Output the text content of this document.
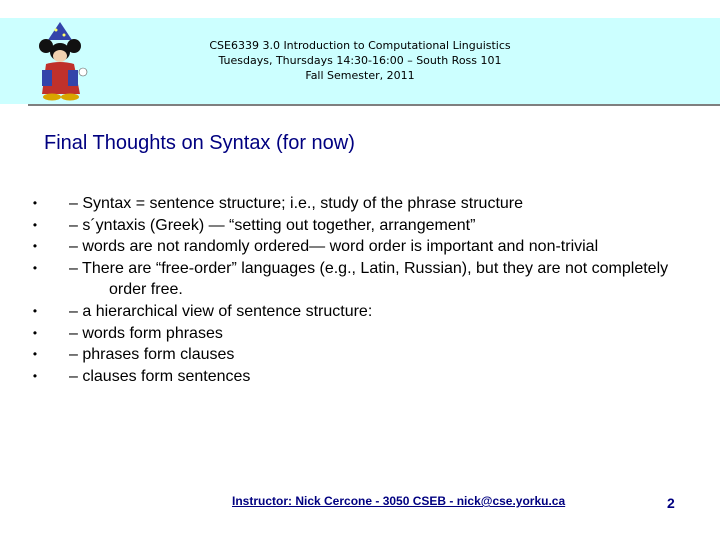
CSE6339 3.0 Introduction to Computational Linguistics
Tuesdays, Thursdays 14:30-16:00 – South Ross 101
Fall Semester, 2011
Final Thoughts on Syntax (for now)
•	– Syntax = sentence structure; i.e., study of the phrase structure
•	– s´yntaxis (Greek) — “setting out together, arrangement”
•	– words are not randomly ordered— word order is important and non-trivial
•	– There are “free-order” languages (e.g., Latin, Russian), but they are not completely order free.
•	– a hierarchical view of sentence structure:
•	– words form phrases
•	– phrases form clauses
•	– clauses form sentences
Instructor: Nick Cercone - 3050 CSEB - nick@cse.yorku.ca	2
